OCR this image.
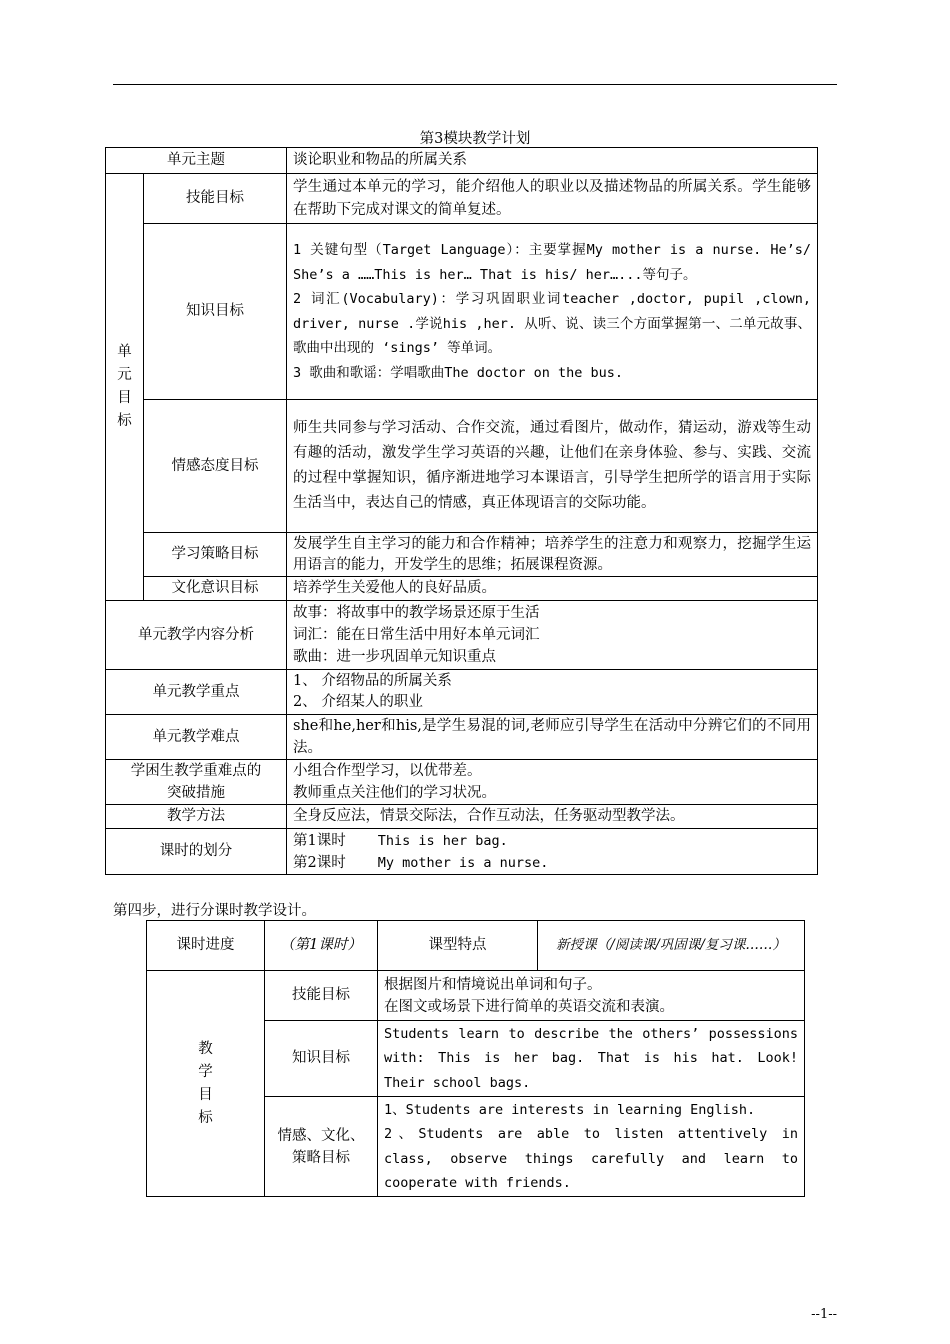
第3模块教学计划
单元主题		谈论职业和物品的所属关系

单
元
目
标	技能目标	学生通过本单元的学习，能介绍他人的职业以及描述物品的所属关系。学生能够在帮助下完成对课文的简单复述。
	知识目标	1 关键句型（Target Language）：主要掌握My mother is a nurse. He’s/ She’s a ……This is her… That is his/ her…...等句子。
2 词汇(Vocabulary)：学习巩固职业词teacher ,doctor, pupil ,clown, driver, nurse .学说his ,her. 从听、说、读三个方面掌握第一、二单元故事、歌曲中出现的 ‘sings’ 等单词。
3 歌曲和歌谣：学唱歌曲The doctor on the bus.

	情感态度目标	师生共同参与学习活动、合作交流，通过看图片，做动作，猜运动，游戏等生动有趣的活动，激发学生学习英语的兴趣，让他们在亲身体验、参与、实践、交流的过程中掌握知识，循序渐进地学习本课语言，引导学生把所学的语言用于实际生活当中，表达自己的情感，真正体现语言的交际功能。
	学习策略目标	发展学生自主学习的能力和合作精神；培养学生的注意力和观察力，挖掘学生运用语言的能力，开发学生的思维；拓展课程资源。
	文化意识目标	培养学生关爱他人的良好品质。
单元教学内容分析		故事：将故事中的教学场景还原于生活
词汇：能在日常生活中用好本单元词汇
歌曲：进一步巩固单元知识重点

单元教学重点		1、 介绍物品的所属关系
2、 介绍某人的职业

单元教学难点		she和he,her和his,是学生易混的词,老师应引导学生在活动中分辨它们的不同用法。

学困生教学重难点的
突破措施		小组合作型学习，以优带差。
教师重点关注他们的学习状况。

教学方法		全身反应法，情景交际法，合作互动法，任务驱动型教学法。
课时的划分		第1课时 This is her bag.
第2课时 My mother is a nurse.
第四步，进行分课时教学设计。
课时进度	（第1课时）	课型特点	新授课（/阅读课/巩固课/复习课……）

教
学
目
标	技能目标	根据图片和情境说出单词和句子。
在图文或场景下进行简单的英语交流和表演。	

	知识目标	Students learn to describe the others’ possessions with: This is her bag. That is his hat. Look! Their school bags.	

	情感、文化、
策略目标	1、Students are interests in learning English.
2、Students are able to listen attentively in class, observe things carefully and learn to cooperate with friends.	
--1--
